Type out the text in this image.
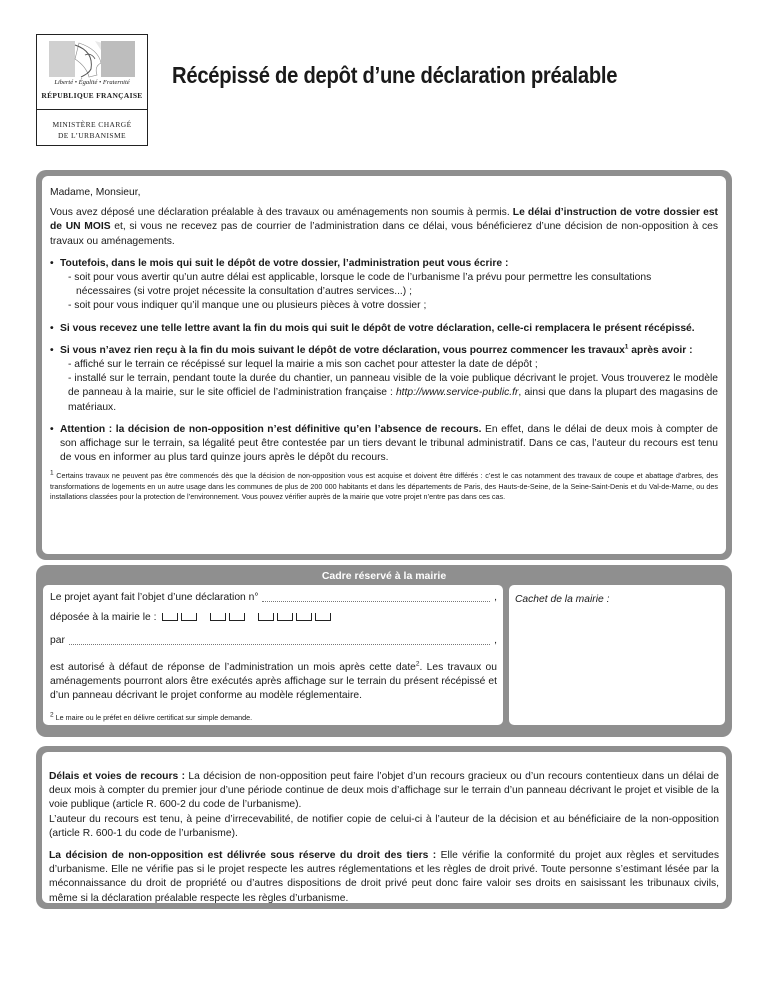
Liberté • Égalité • Fraternité
RÉPUBLIQUE FRANÇAISE
MINISTÈRE CHARGÉ
DE L’URBANISME
Récépissé de depôt d’une déclaration préalable

Madame, Monsieur,

Vous avez déposé une déclaration préalable à des travaux ou aménagements non soumis à permis. Le délai d’instruction de votre dossier est de UN MOIS et, si vous ne recevez pas de courrier de l’administration dans ce délai, vous bénéficierez d’une décision de non-opposition à ces travaux ou aménagements.

• Toutefois, dans le mois qui suit le dépôt de votre dossier, l’administration peut vous écrire :
- soit pour vous avertir qu’un autre délai est applicable, lorsque le code de l’urbanisme l’a prévu pour permettre les consultations
nécessaires (si votre projet nécessite la consultation d’autres services...) ;
- soit pour vous indiquer qu’il manque une ou plusieurs pièces à votre dossier ;
• Si vous recevez une telle lettre avant la fin du mois qui suit le dépôt de votre déclaration, celle-ci remplacera le présent récépissé.
• Si vous n’avez rien reçu à la fin du mois suivant le dépôt de votre déclaration, vous pourrez commencer les travaux$^1$ après avoir :
- affiché sur le terrain ce récépissé sur lequel la mairie a mis son cachet pour attester la date de dépôt ;
- installé sur le terrain, pendant toute la durée du chantier, un panneau visible de la voie publique décrivant le projet. Vous trouverez le modèle de panneau à la mairie, sur le site officiel de l’administration française : http://www.service-public.fr, ainsi que dans la plupart des magasins de matériaux.
• Attention : la décision de non-opposition n’est définitive qu’en l’absence de recours. En effet, dans le délai de deux mois à compter de son affichage sur le terrain, sa légalité peut être contestée par un tiers devant le tribunal administratif. Dans ce cas, l’auteur du recours est tenu de vous en informer au plus tard quinze jours après le dépôt du recours.
1 Certains travaux ne peuvent pas être commencés dès que la décision de non-opposition vous est acquise et doivent être différés : c’est le cas notamment des travaux de coupe et abattage d’arbres, des transformations de logements en un autre usage dans les communes de plus de 200 000 habitants et dans les départements de Paris, des Hauts-de-Seine, de la Seine-Saint-Denis et du Val-de-Marne, ou des installations classées pour la protection de l’environnement. Vous pouvez vérifier auprès de la mairie que votre projet n’entre pas dans ces cas.
Cadre réservé à la mairie
Le projet ayant fait l’objet d’une déclaration n°	,
déposée à la mairie le :

par	,

est autorisé à défaut de réponse de l’administration un mois après cette date$^2$. Les travaux ou aménagements pourront alors être exécutés après affichage sur le terrain du présent récépissé et d’un panneau décrivant le projet conforme au modèle réglementaire.

2 Le maire ou le préfet en délivre certificat sur simple demande.
Cachet de la mairie :

Délais et voies de recours : La décision de non-opposition peut faire l’objet d’un recours gracieux ou d’un recours contentieux dans un délai de deux mois à compter du premier jour d’une période continue de deux mois d’affichage sur le terrain d’un panneau décrivant le projet et visible de la voie publique (article R. 600-2 du code de l’urbanisme).

L’auteur du recours est tenu, à peine d’irrecevabilité, de notifier copie de celui-ci à l’auteur de la décision et au bénéficiaire de la non-opposition (article R. 600-1 du code de l’urbanisme).

La décision de non-opposition est délivrée sous réserve du droit des tiers : Elle vérifie la conformité du projet aux règles et servitudes d’urbanisme. Elle ne vérifie pas si le projet respecte les autres réglementations et les règles de droit privé. Toute personne s’estimant lésée par la méconnaissance du droit de propriété ou d’autres dispositions de droit privé peut donc faire valoir ses droits en saisissant les tribunaux civils, même si la déclaration préalable respecte les règles d’urbanisme.
